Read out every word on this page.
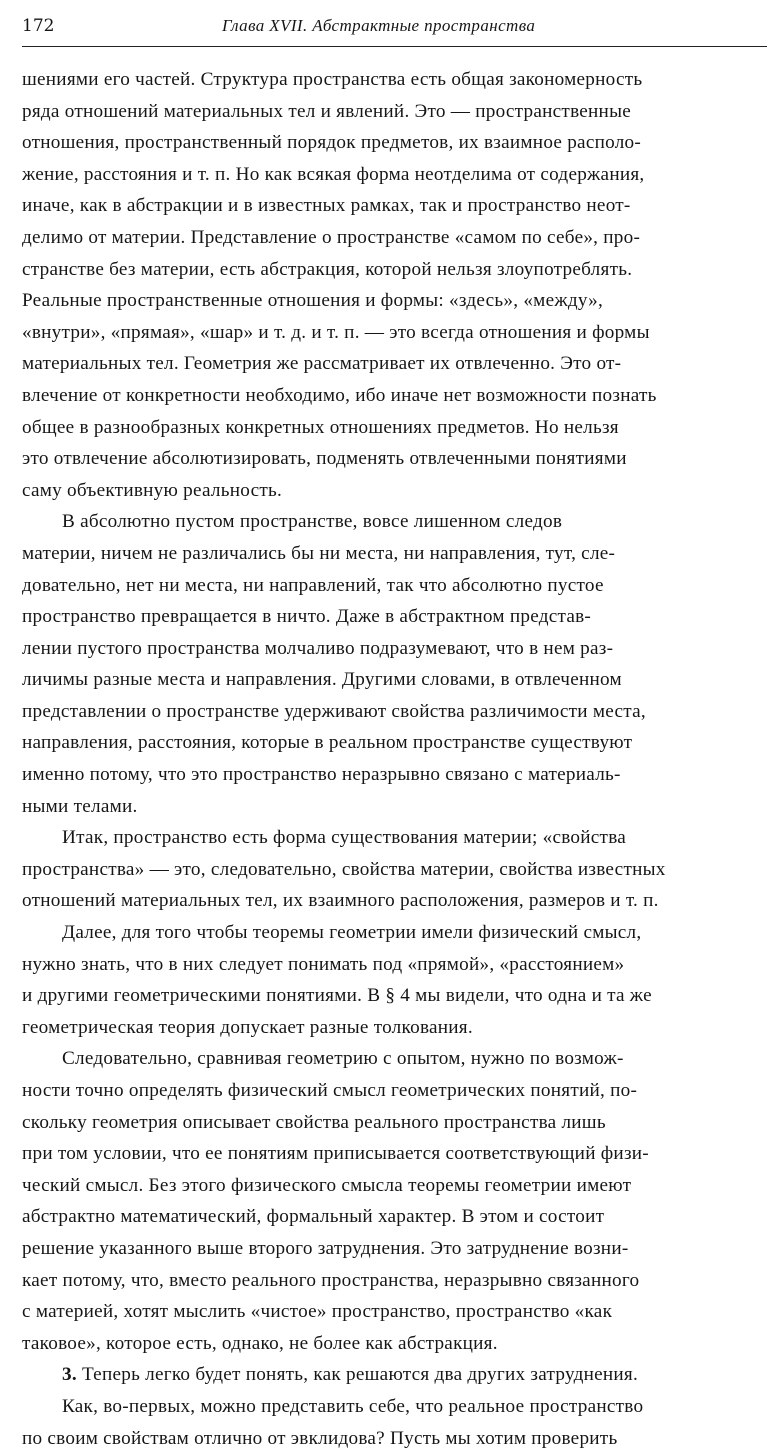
172	Глава XVII. Абстрактные пространства
шениями его частей. Структура пространства есть общая закономерность
ряда отношений материальных тел и явлений. Это — пространственные
отношения, пространственный порядок предметов, их взаимное располо-
жение, расстояния и т. п. Но как всякая форма неотделима от содержания,
иначе, как в абстракции и в известных рамках, так и пространство неот-
делимо от материи. Представление о пространстве «самом по себе», про-
странстве без материи, есть абстракция, которой нельзя злоупотреблять.
Реальные пространственные отношения и формы: «здесь», «между»,
«внутри», «прямая», «шар» и т. д. и т. п. — это всегда отношения и формы
материальных тел. Геометрия же рассматривает их отвлеченно. Это от-
влечение от конкретности необходимо, ибо иначе нет возможности познать
общее в разнообразных конкретных отношениях предметов. Но нельзя
это отвлечение абсолютизировать, подменять отвлеченными понятиями
саму объективную реальность.
В абсолютно пустом пространстве, вовсе лишенном следов
материи, ничем не различались бы ни места, ни направления, тут, сле-
довательно, нет ни места, ни направлений, так что абсолютно пустое
пространство превращается в ничто. Даже в абстрактном представ-
лении пустого пространства молчаливо подразумевают, что в нем раз-
личимы разные места и направления. Другими словами, в отвлеченном
представлении о пространстве удерживают свойства различимости места,
направления, расстояния, которые в реальном пространстве существуют
именно потому, что это пространство неразрывно связано с материаль-
ными телами.
Итак, пространство есть форма существования материи; «свойства
пространства» — это, следовательно, свойства материи, свойства известных
отношений материальных тел, их взаимного расположения, размеров и т. п.
Далее, для того чтобы теоремы геометрии имели физический смысл,
нужно знать, что в них следует понимать под «прямой», «расстоянием»
и другими геометрическими понятиями. В § 4 мы видели, что одна и та же
геометрическая теория допускает разные толкования.
Следовательно, сравнивая геометрию с опытом, нужно по возмож-
ности точно определять физический смысл геометрических понятий, по-
скольку геометрия описывает свойства реального пространства лишь
при том условии, что ее понятиям приписывается соответствующий физи-
ческий смысл. Без этого физического смысла теоремы геометрии имеют
абстрактно математический, формальный характер. В этом и состоит
решение указанного выше второго затруднения. Это затруднение возни-
кает потому, что, вместо реального пространства, неразрывно связанного
с материей, хотят мыслить «чистое» пространство, пространство «как
таковое», которое есть, однако, не более как абстракция.
3. Теперь легко будет понять, как решаются два других затруднения.
Как, во-первых, можно представить себе, что реальное пространство
по своим свойствам отлично от эвклидова? Пусть мы хотим проверить
